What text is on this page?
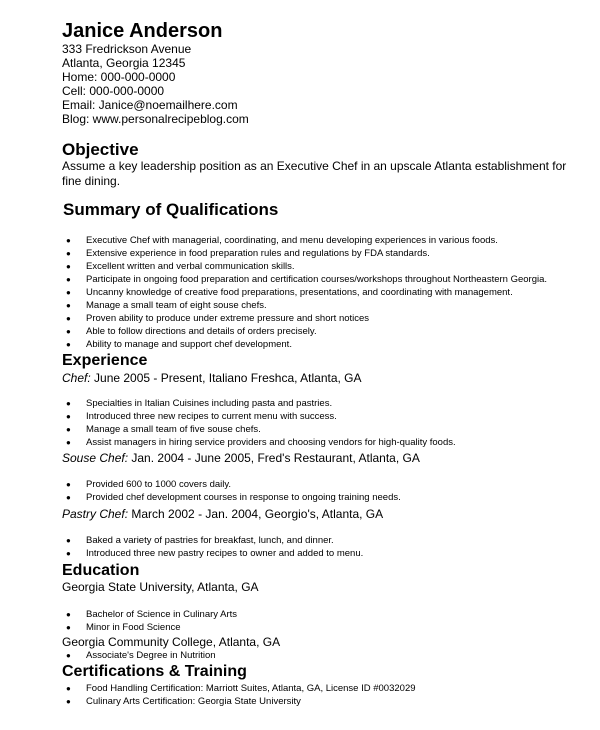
Janice Anderson
333 Fredrickson Avenue
Atlanta, Georgia 12345
Home: 000-000-0000
Cell: 000-000-0000
Email: Janice@noemailhere.com
Blog: www.personalrecipeblog.com
Objective
Assume a key leadership position as an Executive Chef in an upscale Atlanta establishment for fine dining.
Summary of Qualifications
● Executive Chef with managerial, coordinating, and menu developing experiences in various foods.
● Extensive experience in food preparation rules and regulations by FDA standards.
● Excellent written and verbal communication skills.
● Participate in ongoing food preparation and certification courses/workshops throughout Northeastern Georgia.
● Uncanny knowledge of creative food preparations, presentations, and coordinating with management.
● Manage a small team of eight souse chefs.
● Proven ability to produce under extreme pressure and short notices
● Able to follow directions and details of orders precisely.
● Ability to manage and support chef development.
Experience
Chef: June 2005 - Present, Italiano Freshca, Atlanta, GA
● Specialties in Italian Cuisines including pasta and pastries.
● Introduced three new recipes to current menu with success.
● Manage a small team of five souse chefs.
● Assist managers in hiring service providers and choosing vendors for high-quality foods.
Souse Chef: Jan. 2004 - June 2005, Fred's Restaurant, Atlanta, GA
● Provided 600 to 1000 covers daily.
● Provided chef development courses in response to ongoing training needs.
Pastry Chef: March 2002 - Jan. 2004, Georgio's, Atlanta, GA
● Baked a variety of pastries for breakfast, lunch, and dinner.
● Introduced three new pastry recipes to owner and added to menu.
Education
Georgia State University, Atlanta, GA
● Bachelor of Science in Culinary Arts
● Minor in Food Science
Georgia Community College, Atlanta, GA
● Associate's Degree in Nutrition
Certifications & Training
● Food Handling Certification: Marriott Suites, Atlanta, GA, License ID #0032029
● Culinary Arts Certification: Georgia State University
